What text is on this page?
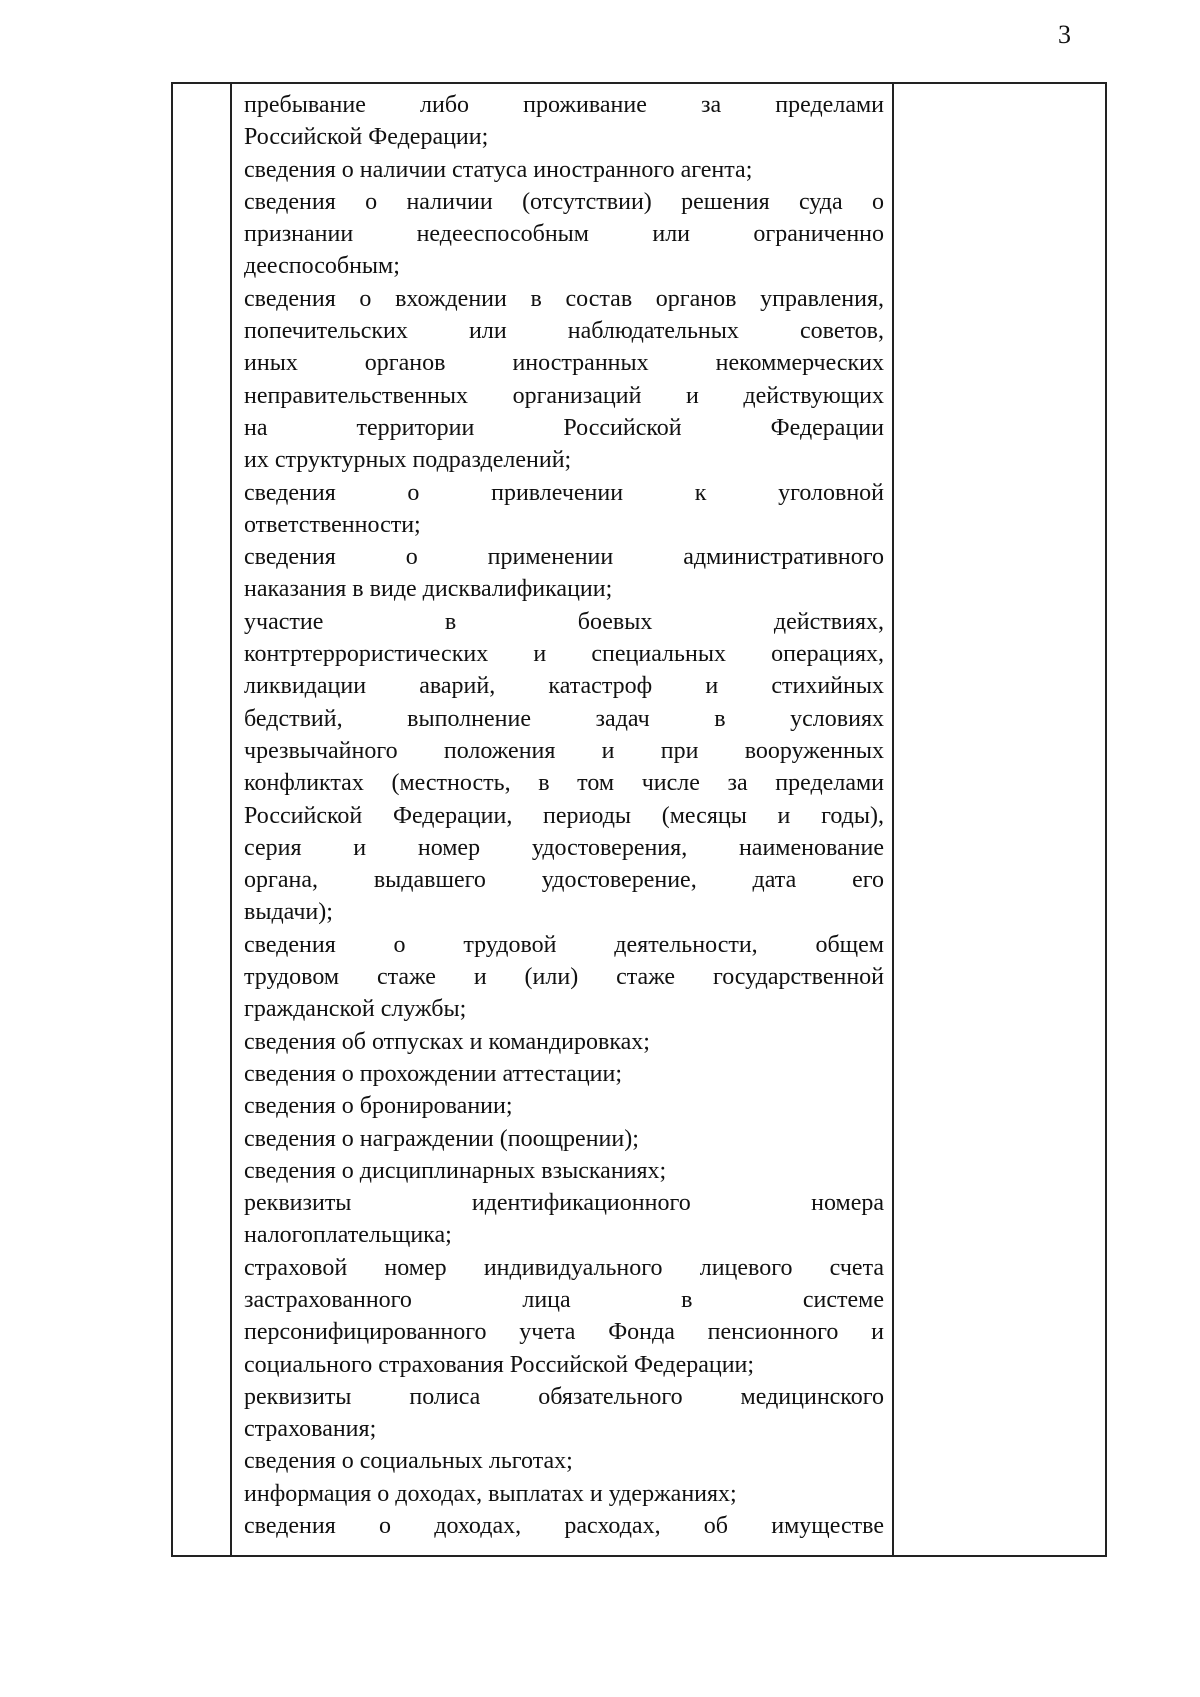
3
пребывание либо проживание за пределами
Российской Федерации;
сведения о наличии статуса иностранного агента;
сведения о наличии (отсутствии) решения суда о
признании недееспособным или ограниченно
дееспособным;
сведения о вхождении в состав органов управления,
попечительских или наблюдательных советов,
иных органов иностранных некоммерческих
неправительственных организаций и действующих
на территории Российской Федерации
их структурных подразделений;
сведения о привлечении к уголовной
ответственности;
сведения о применении административного
наказания в виде дисквалификации;
участие в боевых действиях,
контртеррористических и специальных операциях,
ликвидации аварий, катастроф и стихийных
бедствий, выполнение задач в условиях
чрезвычайного положения и при вооруженных
конфликтах (местность, в том числе за пределами
Российской Федерации, периоды (месяцы и годы),
серия и номер удостоверения, наименование
органа, выдавшего удостоверение, дата его
выдачи);
сведения о трудовой деятельности, общем
трудовом стаже и (или) стаже государственной
гражданской службы;
сведения об отпусках и командировках;
сведения о прохождении аттестации;
сведения о бронировании;
сведения о награждении (поощрении);
сведения о дисциплинарных взысканиях;
реквизиты идентификационного номера
налогоплательщика;
страховой номер индивидуального лицевого счета
застрахованного лица в системе
персонифицированного учета Фонда пенсионного и
социального страхования Российской Федерации;
реквизиты полиса обязательного медицинского
страхования;
сведения о социальных льготах;
информация о доходах, выплатах и удержаниях;
сведения о доходах, расходах, об имуществе
